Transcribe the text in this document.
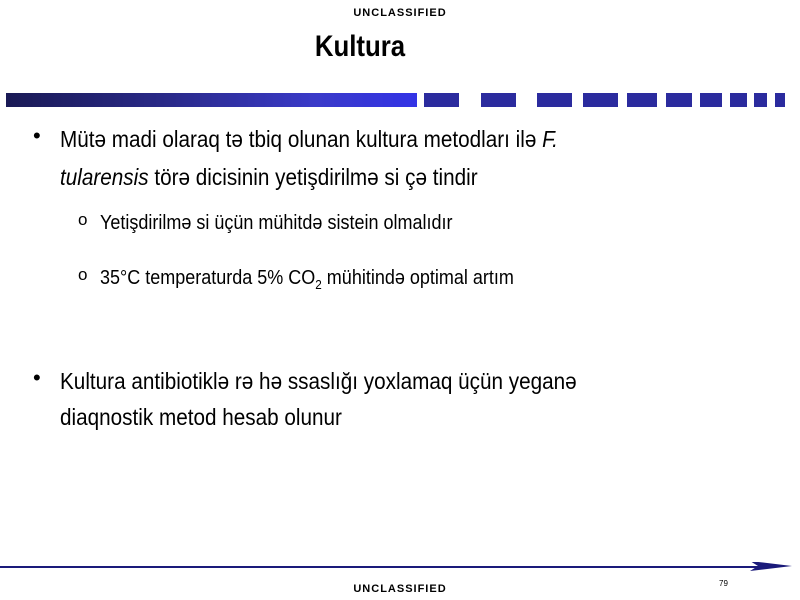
UNCLASSIFIED
Kultura
• Mütə madi olaraq tə tbiq olunan kultura metodları ilə F.
tularensis törə dicisinin yetişdirilmə si çə tindir
o Yetişdirilmə si üçün mühitdə sistein olmalıdır
o 35°C temperaturda 5% $CO_2$ mühitində optimal artım
• Kultura antibiotiklə rə hə ssaslığı yoxlamaq üçün yeganə
diaqnostik metod hesab olunur
79
UNCLASSIFIED
